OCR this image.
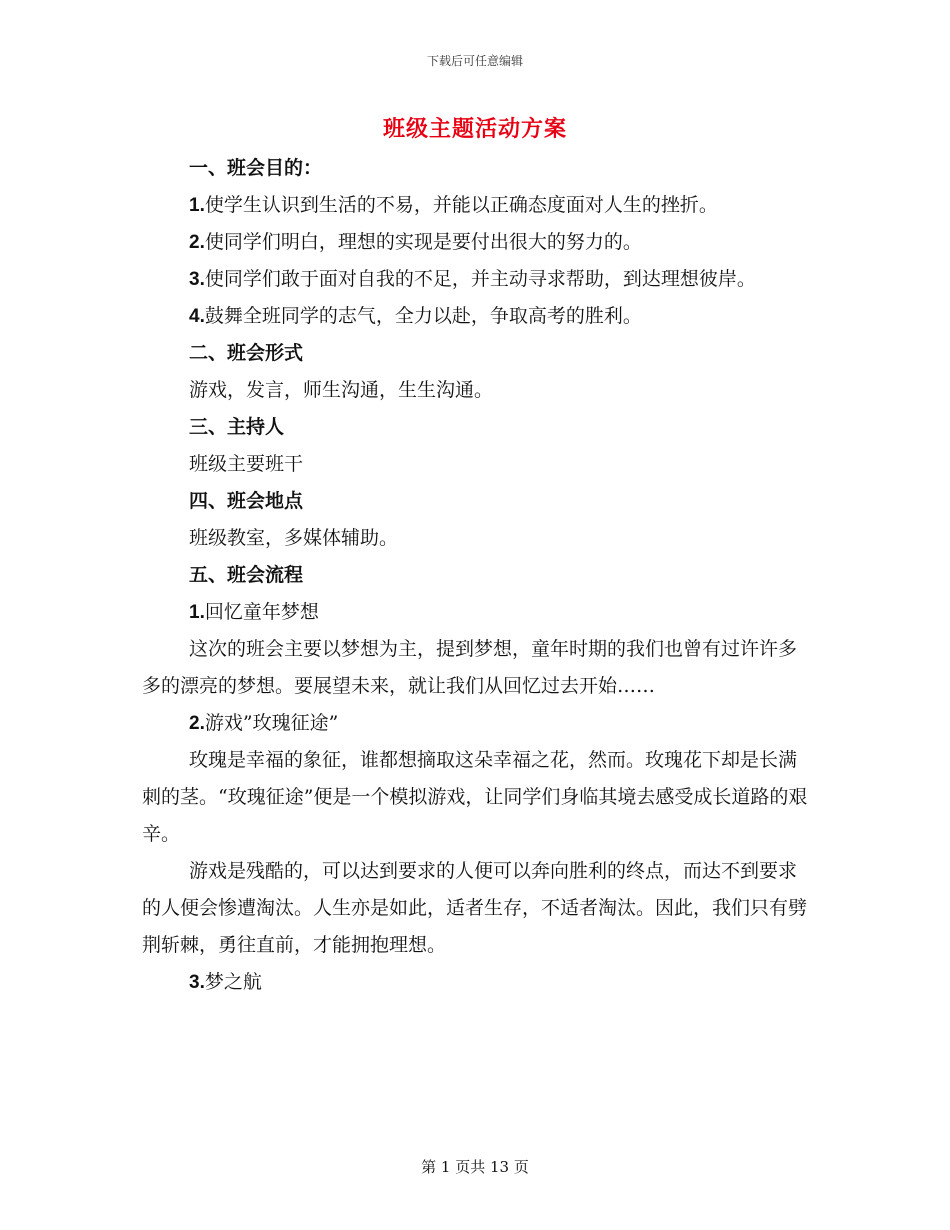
下载后可任意编辑
班级主题活动方案

一、班会目的：

1.使学生认识到生活的不易，并能以正确态度面对人生的挫折。

2.使同学们明白，理想的实现是要付出很大的努力的。

3.使同学们敢于面对自我的不足，并主动寻求帮助，到达理想彼岸。

4.鼓舞全班同学的志气，全力以赴，争取高考的胜利。

二、班会形式

游戏，发言，师生沟通，生生沟通。

三、主持人

班级主要班干

四、班会地点

班级教室，多媒体辅助。

五、班会流程

1.回忆童年梦想

这次的班会主要以梦想为主，提到梦想，童年时期的我们也曾有过许许多多的漂亮的梦想。要展望未来，就让我们从回忆过去开始……

2.游戏”玫瑰征途”

玫瑰是幸福的象征，谁都想摘取这朵幸福之花，然而。玫瑰花下却是长满刺的茎。“玫瑰征途”便是一个模拟游戏，让同学们身临其境去感受成长道路的艰辛。

游戏是残酷的，可以达到要求的人便可以奔向胜利的终点，而达不到要求的人便会惨遭淘汰。人生亦是如此，适者生存，不适者淘汰。因此，我们只有劈荆斩棘，勇往直前，才能拥抱理想。

3.梦之航

第 1 页共 13 页
